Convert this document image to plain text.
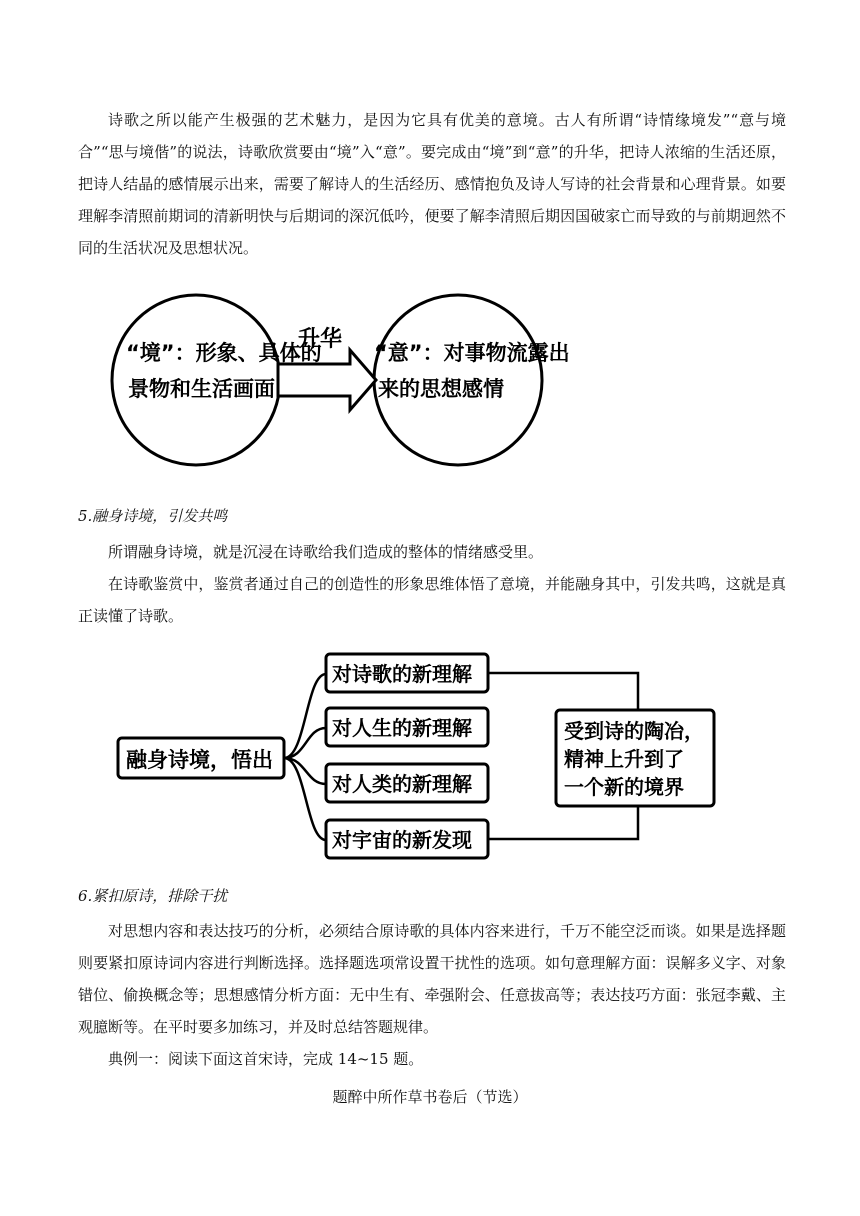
诗歌之所以能产生极强的艺术魅力，是因为它具有优美的意境。古人有所谓“诗情缘境发”“意与境合”“思与境偕”的说法，诗歌欣赏要由“境”入“意”。要完成由“境”到“意”的升华，把诗人浓缩的生活还原，把诗人结晶的感情展示出来，需要了解诗人的生活经历、感情抱负及诗人写诗的社会背景和心理背景。如要理解李清照前期词的清新明快与后期词的深沉低吟，便要了解李清照后期因国破家亡而导致的与前期迥然不同的生活状况及思想状况。

“境”：形象、具体的
景物和生活画面
升华
“意”：对事物流露出
来的思想感情

5.融身诗境，引发共鸣

所谓融身诗境，就是沉浸在诗歌给我们造成的整体的情绪感受里。

在诗歌鉴赏中，鉴赏者通过自己的创造性的形象思维体悟了意境，并能融身其中，引发共鸣，这就是真正读懂了诗歌。

融身诗境，悟出
对诗歌的新理解
对人生的新理解
对人类的新理解
对宇宙的新发现
受到诗的陶冶，
精神上升到了
一个新的境界

6.紧扣原诗，排除干扰

对思想内容和表达技巧的分析，必须结合原诗歌的具体内容来进行，千万不能空泛而谈。如果是选择题则要紧扣原诗词内容进行判断选择。选择题选项常设置干扰性的选项。如句意理解方面：误解多义字、对象错位、偷换概念等；思想感情分析方面：无中生有、牵强附会、任意拔高等；表达技巧方面：张冠李戴、主观臆断等。在平时要多加练习，并及时总结答题规律。

典例一：阅读下面这首宋诗，完成 14~15 题。

题醉中所作草书卷后（节选）
